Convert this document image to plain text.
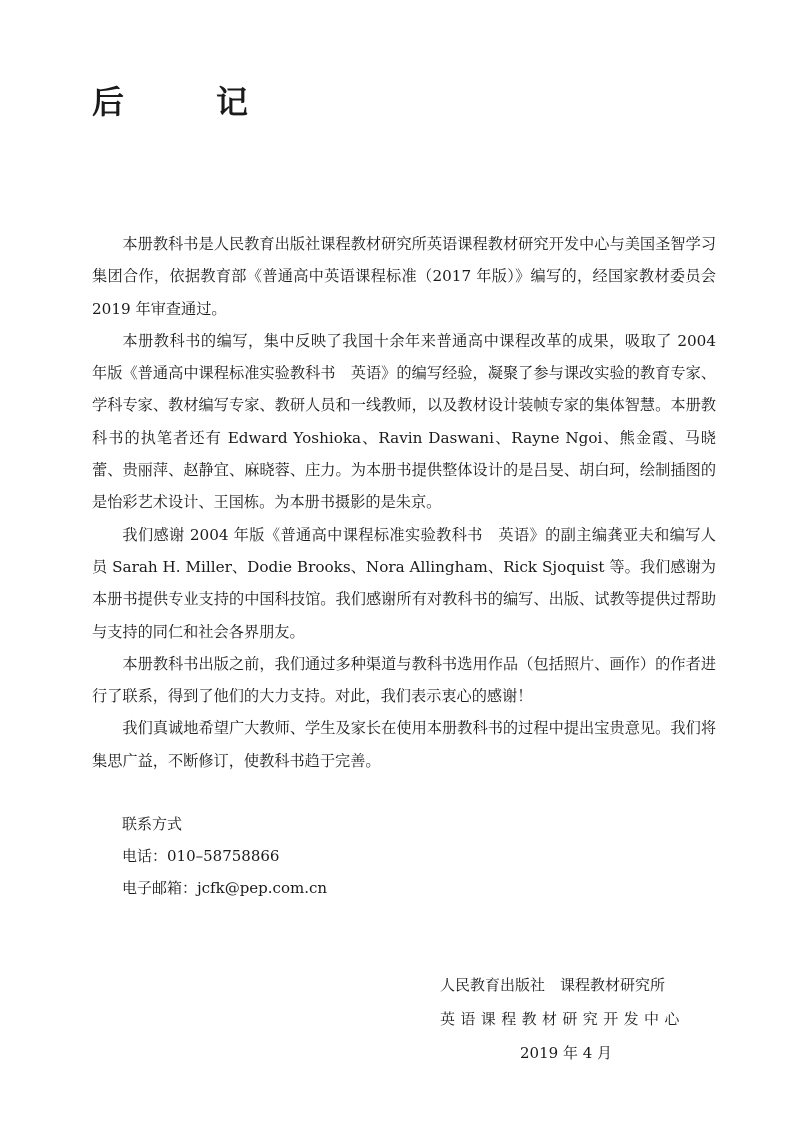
后　记

本册教科书是人民教育出版社课程教材研究所英语课程教材研究开发中心与美国圣智学习集团合作，依据教育部《普通高中英语课程标准（2017 年版）》编写的，经国家教材委员会 2019 年审查通过。

本册教科书的编写，集中反映了我国十余年来普通高中课程改革的成果，吸取了 2004 年版《普通高中课程标准实验教科书　英语》的编写经验，凝聚了参与课改实验的教育专家、学科专家、教材编写专家、教研人员和一线教师，以及教材设计装帧专家的集体智慧。本册教科书的执笔者还有 Edward Yoshioka、Ravin Daswani、Rayne Ngoi、熊金霞、马晓蕾、贵丽萍、赵静宜、麻晓蓉、庄力。为本册书提供整体设计的是吕旻、胡白珂，绘制插图的是怡彩艺术设计、王国栋。为本册书摄影的是朱京。

我们感谢 2004 年版《普通高中课程标准实验教科书　英语》的副主编龚亚夫和编写人员 Sarah H. Miller、Dodie Brooks、Nora Allingham、Rick Sjoquist 等。我们感谢为本册书提供专业支持的中国科技馆。我们感谢所有对教科书的编写、出版、试教等提供过帮助与支持的同仁和社会各界朋友。

本册教科书出版之前，我们通过多种渠道与教科书选用作品（包括照片、画作）的作者进行了联系，得到了他们的大力支持。对此，我们表示衷心的感谢！

我们真诚地希望广大教师、学生及家长在使用本册教科书的过程中提出宝贵意见。我们将集思广益，不断修订，使教科书趋于完善。

联系方式
电话：010–58758866
电子邮箱：jcfk@pep.com.cn
人民教育出版社　课程教材研究所
英语课程教材研究开发中心
2019 年 4 月
